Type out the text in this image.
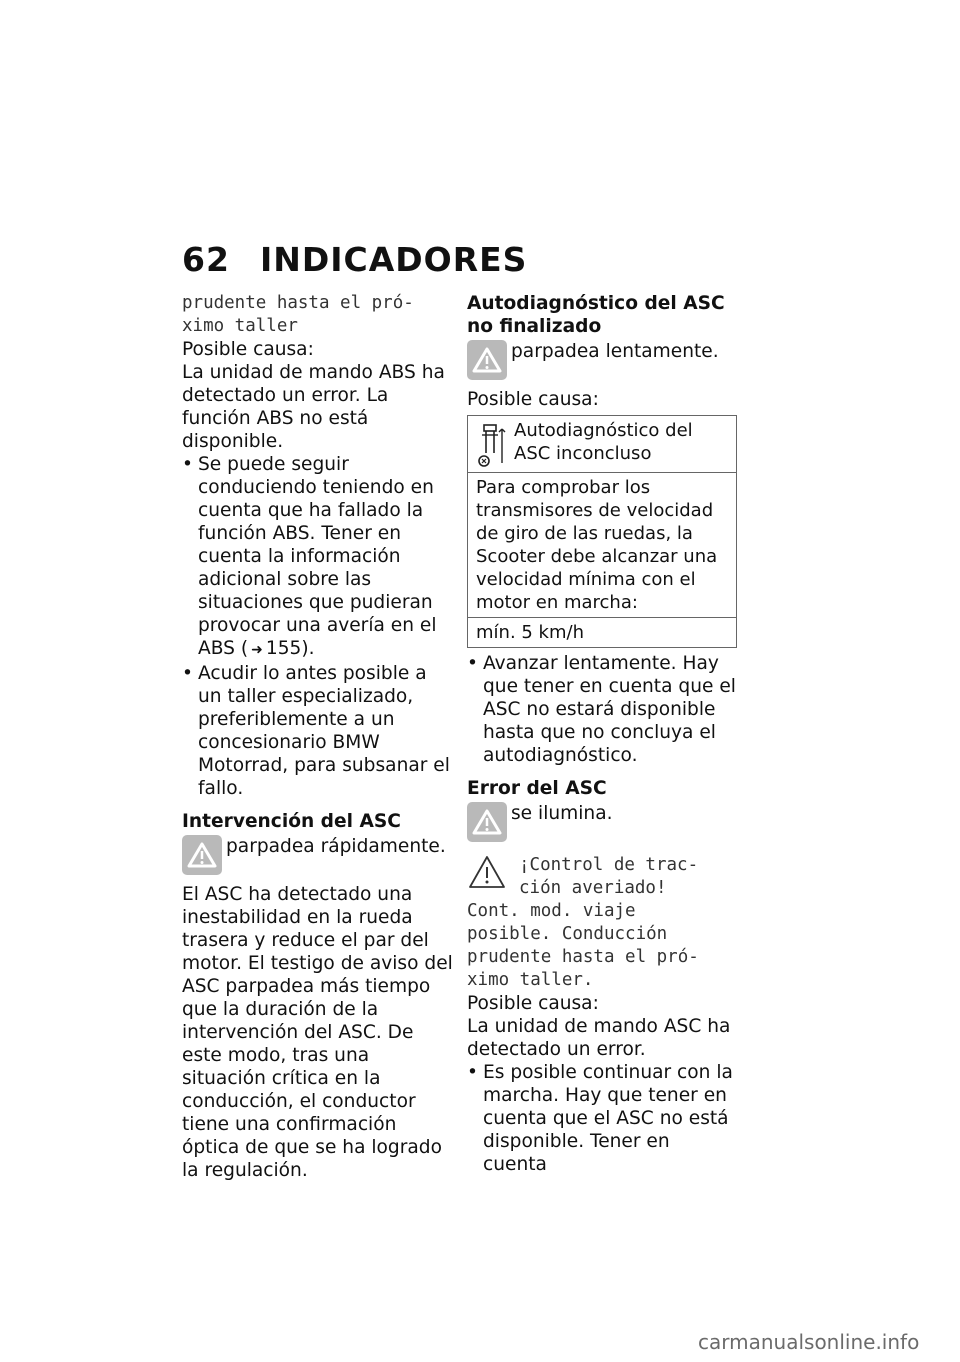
62 INDICADORES

prudente hasta el pró-
ximo taller

Posible causa:

La unidad de mando ABS ha detectado un error. La función ABS no está disponible.

• Se puede seguir conduciendo teniendo en cuenta que ha fallado la función ABS. Tener en cuenta la información adicional sobre las situaciones que pudieran provocar una avería en el ABS ( ➜ 155).

• Acudir lo antes posible a un taller especializado, preferiblemente a un concesionario BMW Motorrad, para subsanar el fallo.

Intervención del ASC

parpadea rápidamente.

El ASC ha detectado una inestabilidad en la rueda trasera y reduce el par del motor. El testigo de aviso del ASC parpadea más tiempo que la duración de la intervención del ASC. De este modo, tras una situación crítica en la conducción, el conductor tiene una confirmación óptica de que se ha logrado la regulación.

Autodiagnóstico del ASC no finalizado

parpadea lentamente.

Posible causa:

Autodiagnóstico del ASC inconcluso

Para comprobar los transmisores de velocidad de giro de las ruedas, la Scooter debe alcanzar una velocidad mínima con el motor en marcha:
mín. 5 km/h

• Avanzar lentamente. Hay que tener en cuenta que el ASC no estará disponible hasta que no concluya el autodiagnóstico.

Error del ASC

se ilumina.
¡Control de trac-
ción averiado!

Cont. mod. viaje
posible. Conducción
prudente hasta el pró-
ximo taller.

Posible causa:

La unidad de mando ASC ha detectado un error.

• Es posible continuar con la marcha. Hay que tener en cuenta que el ASC no está disponible. Tener en cuenta

carmanualsonline.info
